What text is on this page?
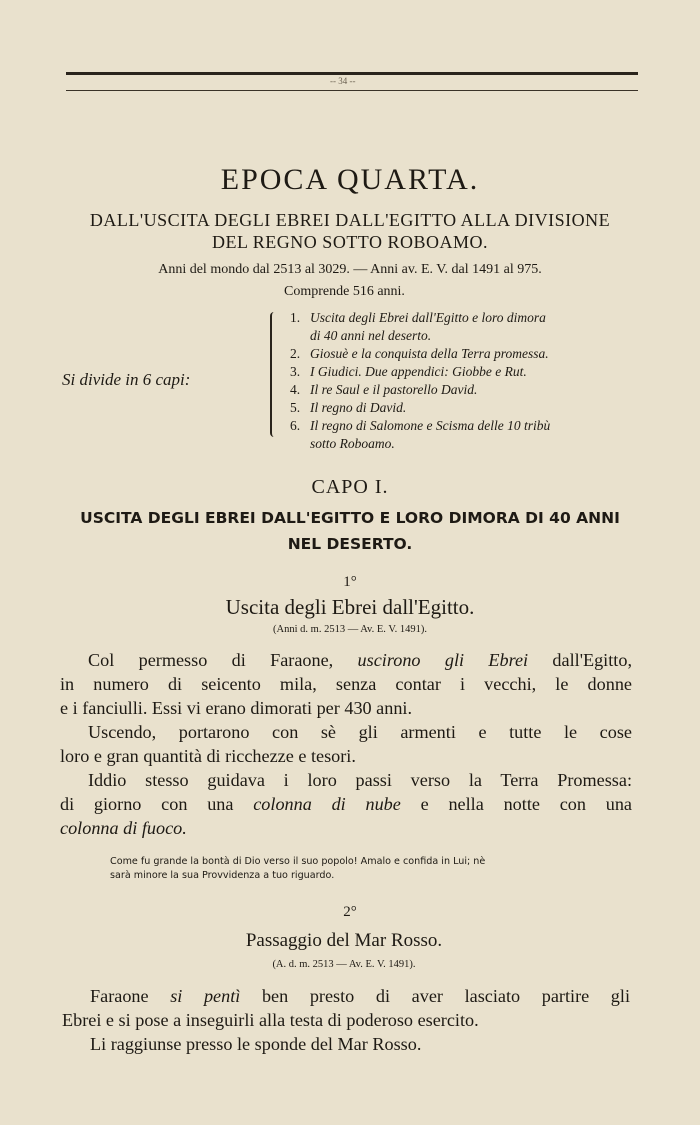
-- 34 --
EPOCA QUARTA.
DALL'USCITA DEGLI EBREI DALL'EGITTO ALLA DIVISIONE
DEL REGNO SOTTO ROBOAMO.
Anni del mondo dal 2513 al 3029. — Anni av. E. V. dal 1491 al 975.
Comprende 516 anni.
Si divide in 6 capi:
1. Uscita degli Ebrei dall'Egitto e loro dimora
di 40 anni nel deserto.
2. Giosuè e la conquista della Terra promessa.
3. I Giudici. Due appendici: Giobbe e Rut.
4. Il re Saul e il pastorello David.
5. Il regno di David.
6. Il regno di Salomone e Scisma delle 10 tribù
sotto Roboamo.
CAPO I.
USCITA DEGLI EBREI DALL'EGITTO E LORO DIMORA DI 40 ANNI
NEL DESERTO.
1°
Uscita degli Ebrei dall'Egitto.
(Anni d. m. 2513 — Av. E. V. 1491).
Col permesso di Faraone, uscirono gli Ebrei dall'Egitto,
in numero di seicento mila, senza contar i vecchi, le donne
e i fanciulli. Essi vi erano dimorati per 430 anni.
Uscendo, portarono con sè gli armenti e tutte le cose
loro e gran quantità di ricchezze e tesori.
Iddio stesso guidava i loro passi verso la Terra Promessa:
di giorno con una colonna di nube e nella notte con una
colonna di fuoco.
Come fu grande la bontà di Dio verso il suo popolo! Amalo e confida in Lui; nè
sarà minore la sua Provvidenza a tuo riguardo.
2°
Passaggio del Mar Rosso.
(A. d. m. 2513 — Av. E. V. 1491).
Faraone si pentì ben presto di aver lasciato partire gli
Ebrei e si pose a inseguirli alla testa di poderoso esercito.
Li raggiunse presso le sponde del Mar Rosso.
